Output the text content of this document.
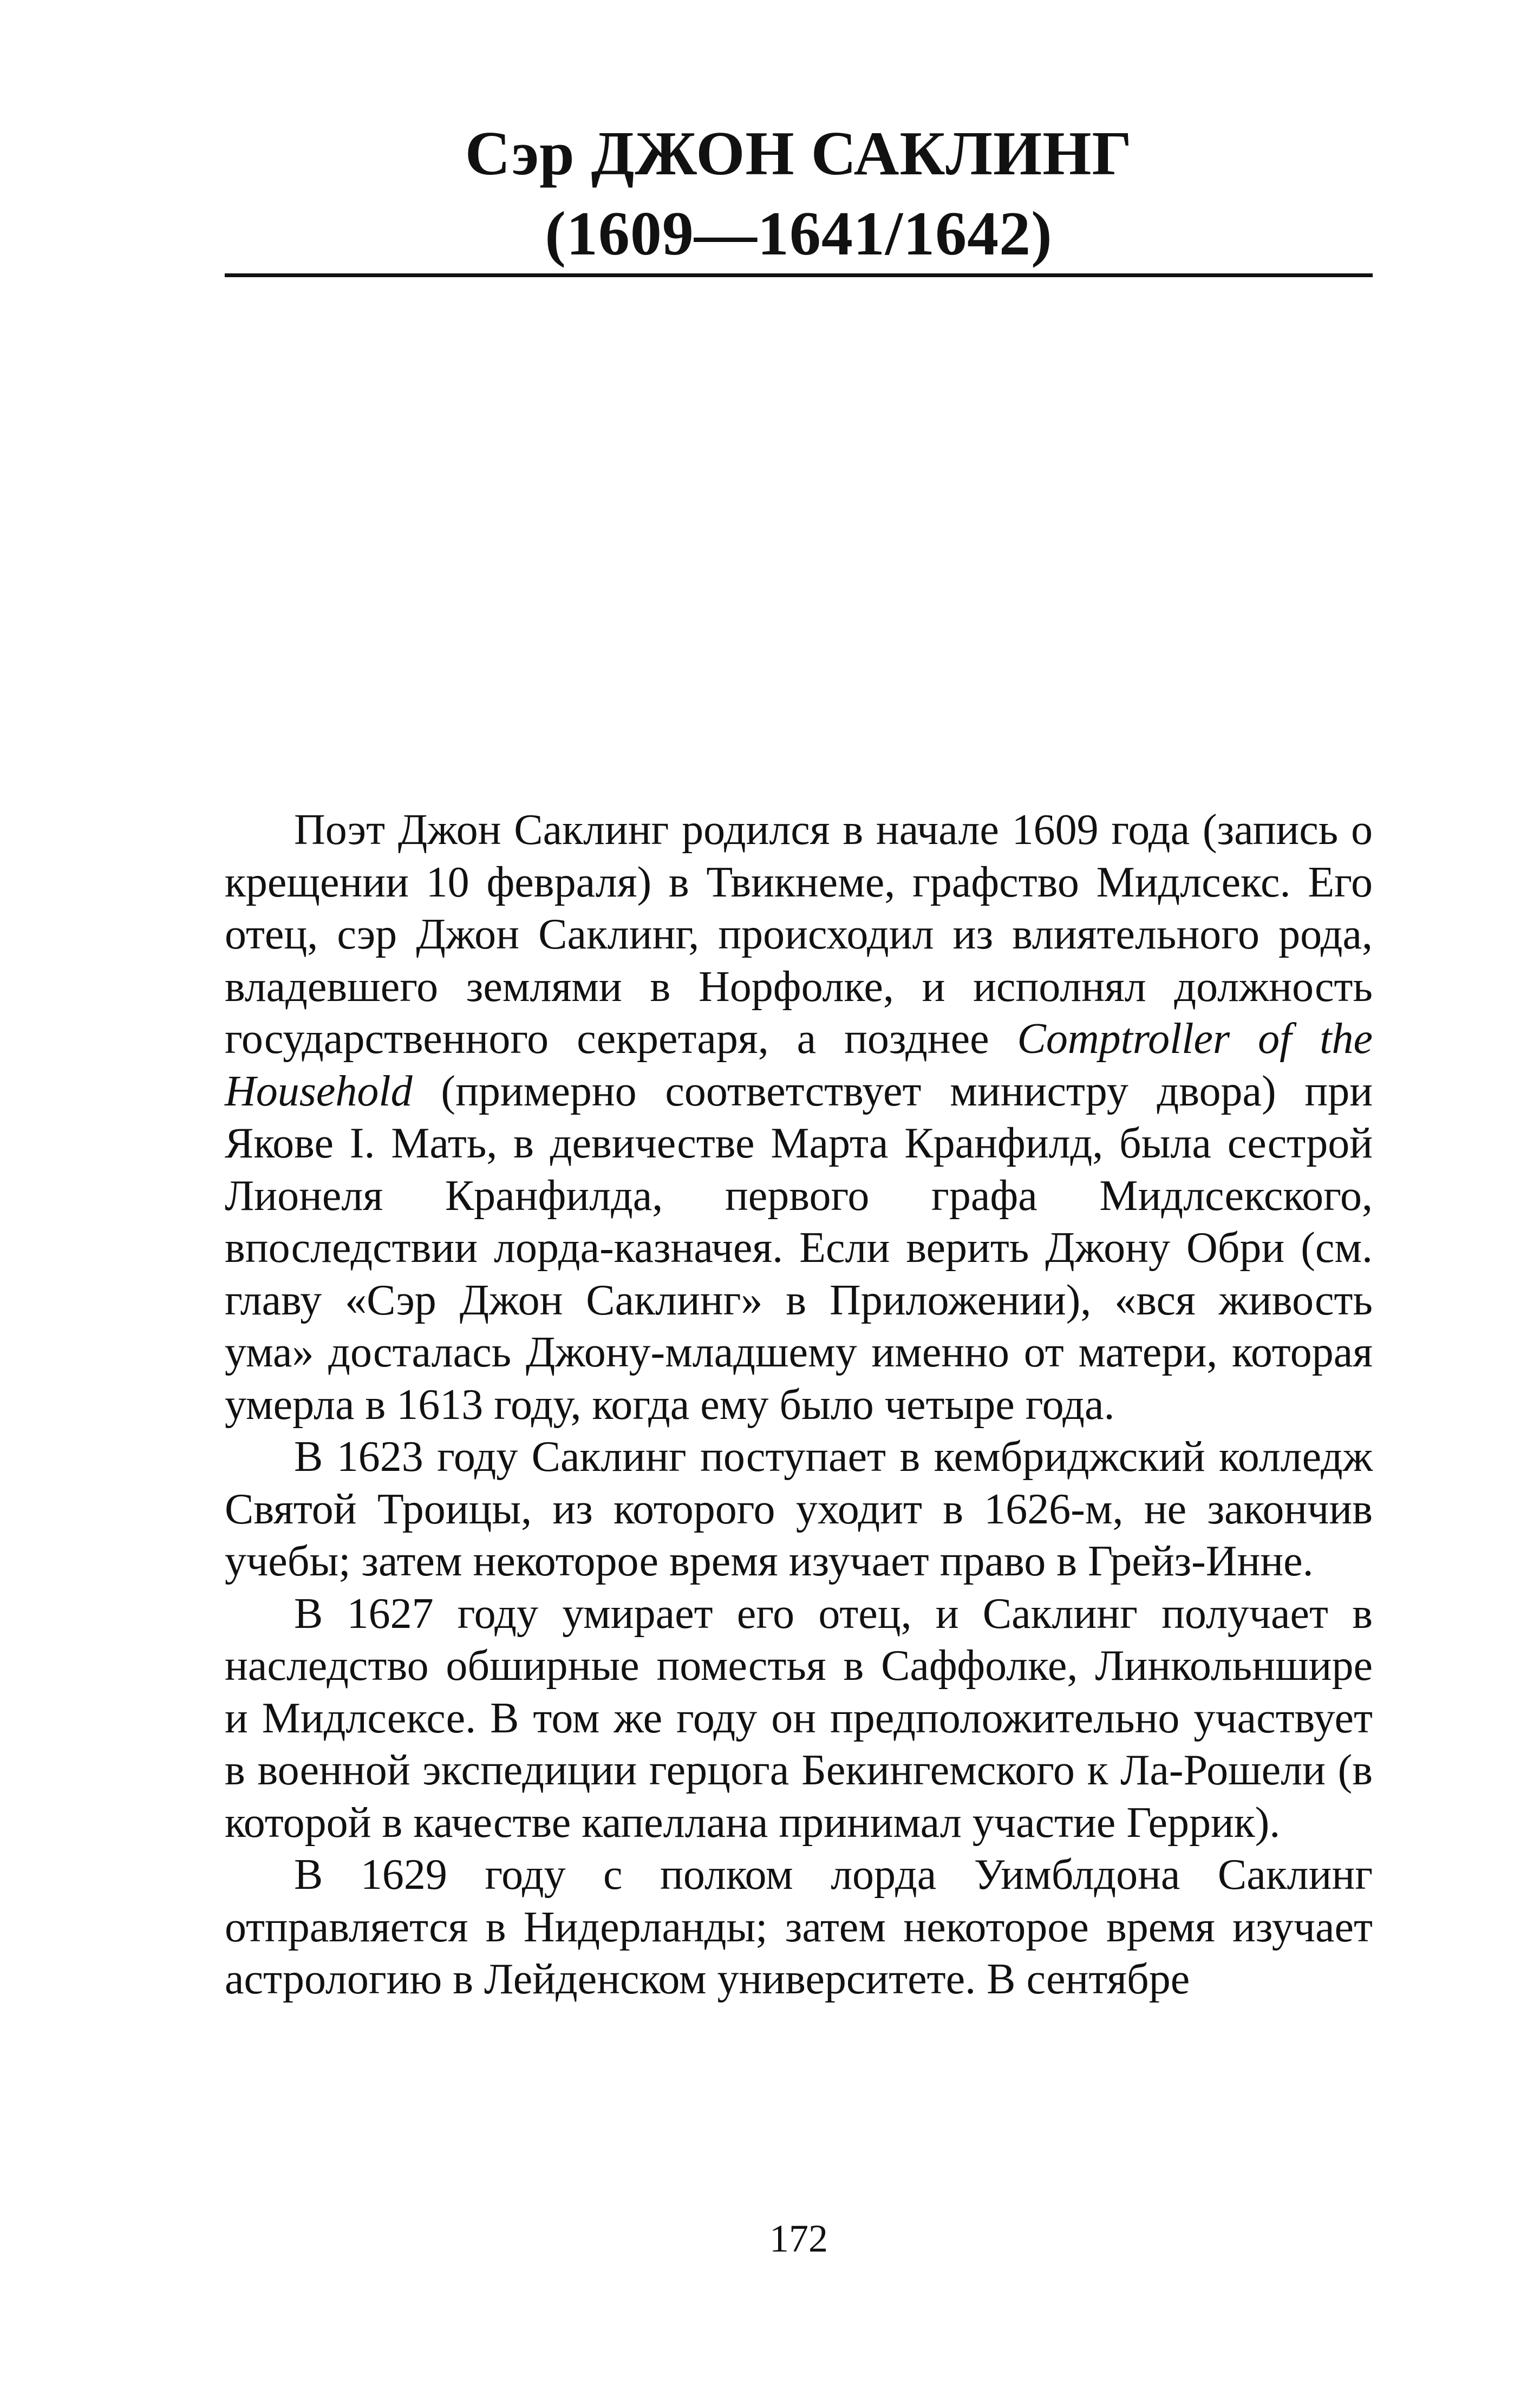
Сэр ДЖОН САКЛИНГ
(1609—1641/1642)

Поэт Джон Саклинг родился в начале 1609 года (запись о крещении 10 февраля) в Твикнеме, графство Мидлсекс. Его отец, сэр Джон Саклинг, происходил из влиятельного рода, владевшего землями в Норфолке, и исполнял должность государственного секретаря, а позднее Comptroller of the Household (примерно соответствует министру двора) при Якове I. Мать, в девичестве Марта Кранфилд, была сестрой Лионеля Кранфилда, первого графа Мидлсекского, впоследствии лорда-казначея. Если верить Джону Обри (см. главу «Сэр Джон Саклинг» в Приложении), «вся живость ума» досталась Джону-младшему именно от матери, которая умерла в 1613 году, когда ему было четыре года.

В 1623 году Саклинг поступает в кембриджский колледж Святой Троицы, из которого уходит в 1626-м, не закончив учебы; затем некоторое время изучает право в Грейз-Инне.

В 1627 году умирает его отец, и Саклинг получает в наследство обширные поместья в Саффолке, Линкольншире и Мидлсексе. В том же году он предположительно участвует в военной экспедиции герцога Бекингемского к Ла-Рошели (в которой в качестве капеллана принимал участие Геррик).

В 1629 году с полком лорда Уимблдона Саклинг отправляется в Нидерланды; затем некоторое время изучает астрологию в Лейденском университете. В сентябре

172
